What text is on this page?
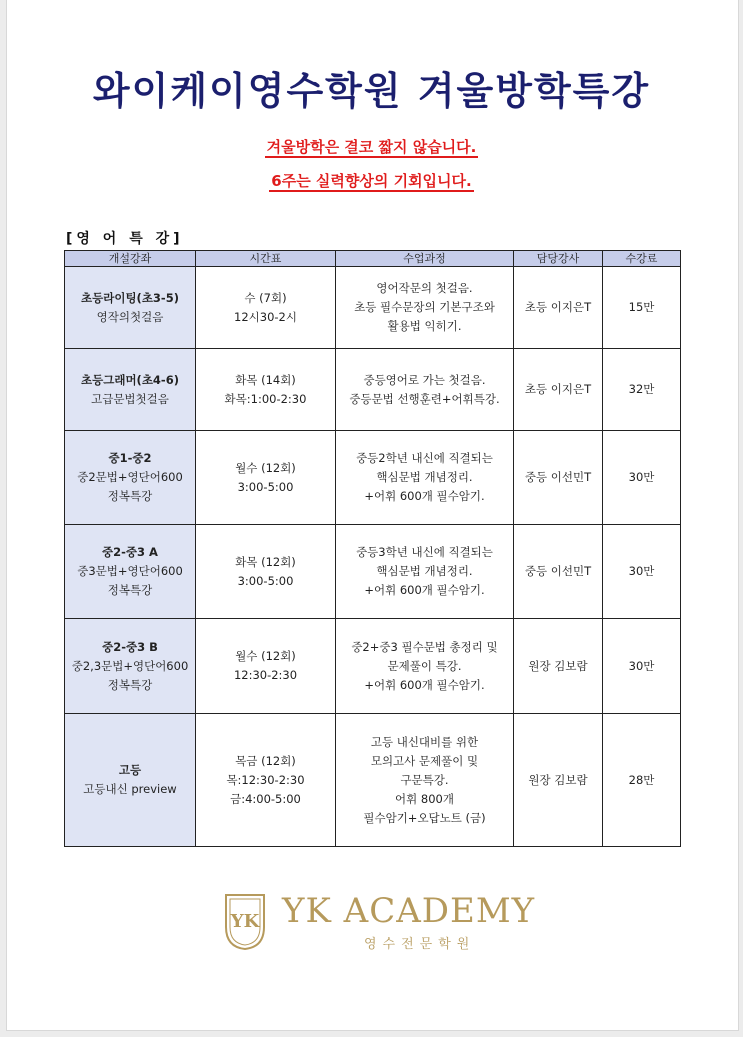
와이케이영수학원 겨울방학특강
겨울방학은 결코 짧지 않습니다.
6주는 실력향상의 기회입니다.
[영 어 특 강]
개설강좌	시간표	수업과정	담당강사	수강료

초등라이팅(초3-5)
영작의첫걸음	수 (7회)
12시30-2시	영어작문의 첫걸음.
초등 필수문장의 기본구조와
활용법 익히기.	초등 이지은T	15만

초등그래머(초4-6)
고급문법첫걸음	화목 (14회)
화목:1:00-2:30	중등영어로 가는 첫걸음.
중등문법 선행훈련+어휘특강.	초등 이지은T	32만

중1-중2
중2문법+영단어600
정복특강	월수 (12회)
3:00-5:00	중등2학년 내신에 직결되는
핵심문법 개념정리.
+어휘 600개 필수암기.	중등 이선민T	30만

중2-중3 A
중3문법+영단어600
정복특강	화목 (12회)
3:00-5:00	중등3학년 내신에 직결되는
핵심문법 개념정리.
+어휘 600개 필수암기.	중등 이선민T	30만

중2-중3 B
중2,3문법+영단어600
정복특강	월수 (12회)
12:30-2:30	중2+중3 필수문법 총정리 및
문제풀이 특강.
+어휘 600개 필수암기.	원장 김보람	30만

고등
고등내신 preview	목금 (12회)
목:12:30-2:30
금:4:00-5:00	고등 내신대비를 위한
모의고사 문제풀이 및
구문특강.
어휘 800개
필수암기+오답노트 (금)	원장 김보람	28만
YK YK ACADEMY
영수전문학원
